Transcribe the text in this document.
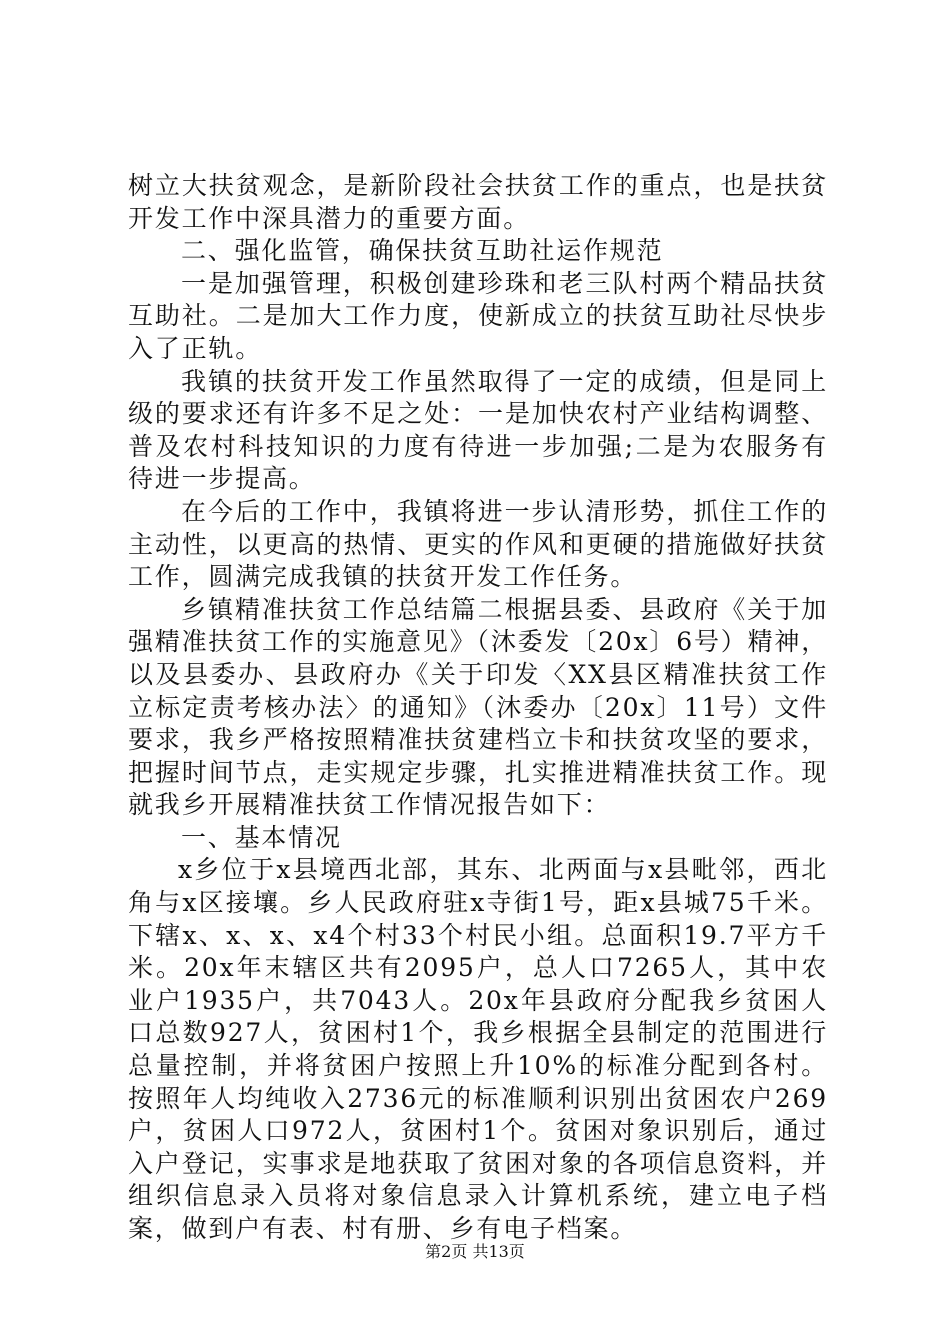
树立大扶贫观念，是新阶段社会扶贫工作的重点，也是扶贫开发工作中深具潜力的重要方面。

二、强化监管，确保扶贫互助社运作规范

一是加强管理，积极创建珍珠和老三队村两个精品扶贫互助社。二是加大工作力度，使新成立的扶贫互助社尽快步入了正轨。

我镇的扶贫开发工作虽然取得了一定的成绩，但是同上级的要求还有许多不足之处：一是加快农村产业结构调整、普及农村科技知识的力度有待进一步加强;二是为农服务有待进一步提高。

在今后的工作中，我镇将进一步认清形势，抓住工作的主动性，以更高的热情、更实的作风和更硬的措施做好扶贫工作，圆满完成我镇的扶贫开发工作任务。

乡镇精准扶贫工作总结篇二根据县委、县政府《关于加强精准扶贫工作的实施意见》（沐委发〔20x〕6号）精神，以及县委办、县政府办《关于印发〈XX县区精准扶贫工作立标定责考核办法〉的通知》（沐委办〔20x〕11号）文件要求，我乡严格按照精准扶贫建档立卡和扶贫攻坚的要求，把握时间节点，走实规定步骤，扎实推进精准扶贫工作。现就我乡开展精准扶贫工作情况报告如下：

一、基本情况

x乡位于x县境西北部，其东、北两面与x县毗邻，西北角与x区接壤。乡人民政府驻x寺街1号，距x县城75千米。下辖x、x、x、x4个村33个村民小组。总面积19.7平方千米。20x年末辖区共有2095户，总人口7265人，其中农业户1935户，共7043人。20x年县政府分配我乡贫困人口总数927人，贫困村1个，我乡根据全县制定的范围进行总量控制，并将贫困户按照上升10%的标准分配到各村。按照年人均纯收入2736元的标准顺利识别出贫困农户269户，贫困人口972人，贫困村1个。贫困对象识别后，通过入户登记，实事求是地获取了贫困对象的各项信息资料，并组织信息录入员将对象信息录入计算机系统，建立电子档案，做到户有表、村有册、乡有电子档案。

第2页 共13页
